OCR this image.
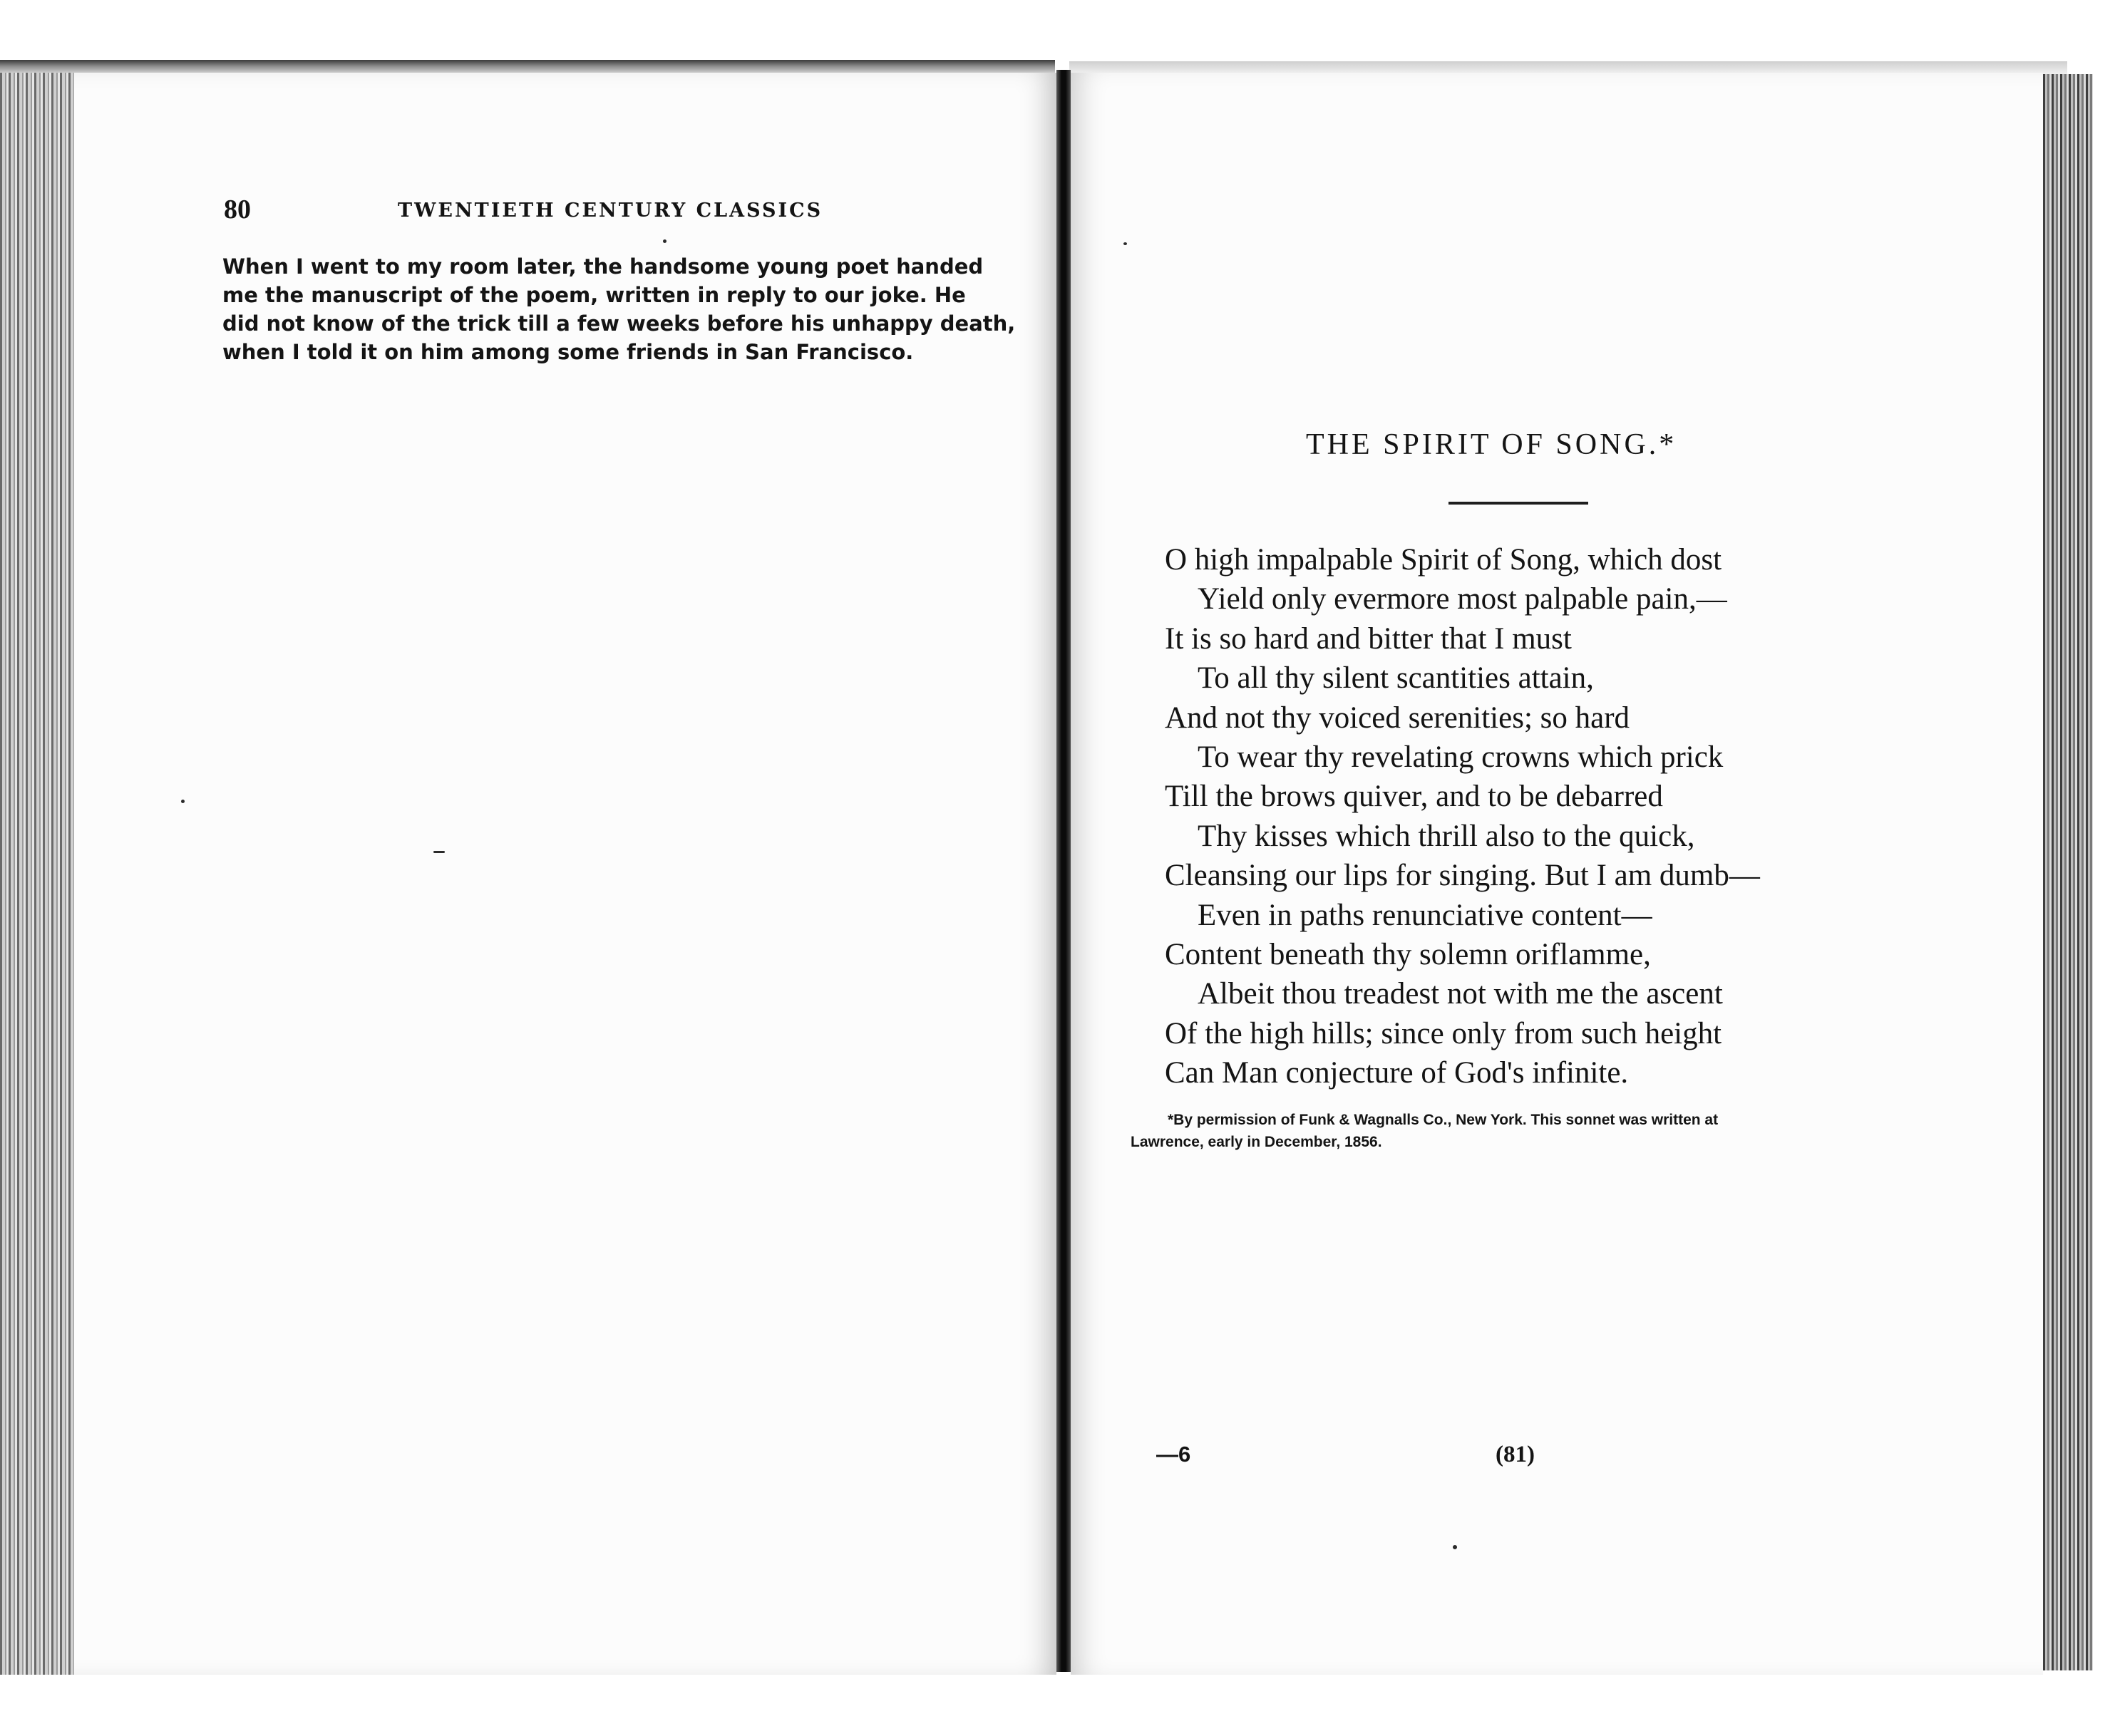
80	TWENTIETH CENTURY CLASSICS
When I went to my room later, the handsome young poet handed
me the manuscript of the poem, written in reply to our joke. He
did not know of the trick till a few weeks before his unhappy death,
when I told it on him among some friends in San Francisco.
THE SPIRIT OF SONG.*
O high impalpable Spirit of Song, which dost
Yield only evermore most palpable pain,—
It is so hard and bitter that I must
To all thy silent scantities attain,
And not thy voiced serenities; so hard
To wear thy revelating crowns which prick
Till the brows quiver, and to be debarred
Thy kisses which thrill also to the quick,
Cleansing our lips for singing. But I am dumb—
Even in paths renunciative content—
Content beneath thy solemn oriflamme,
Albeit thou treadest not with me the ascent
Of the high hills; since only from such height
Can Man conjecture of God's infinite.
*By permission of Funk & Wagnalls Co., New York. This sonnet was written at
Lawrence, early in December, 1856.
—6	(81)
